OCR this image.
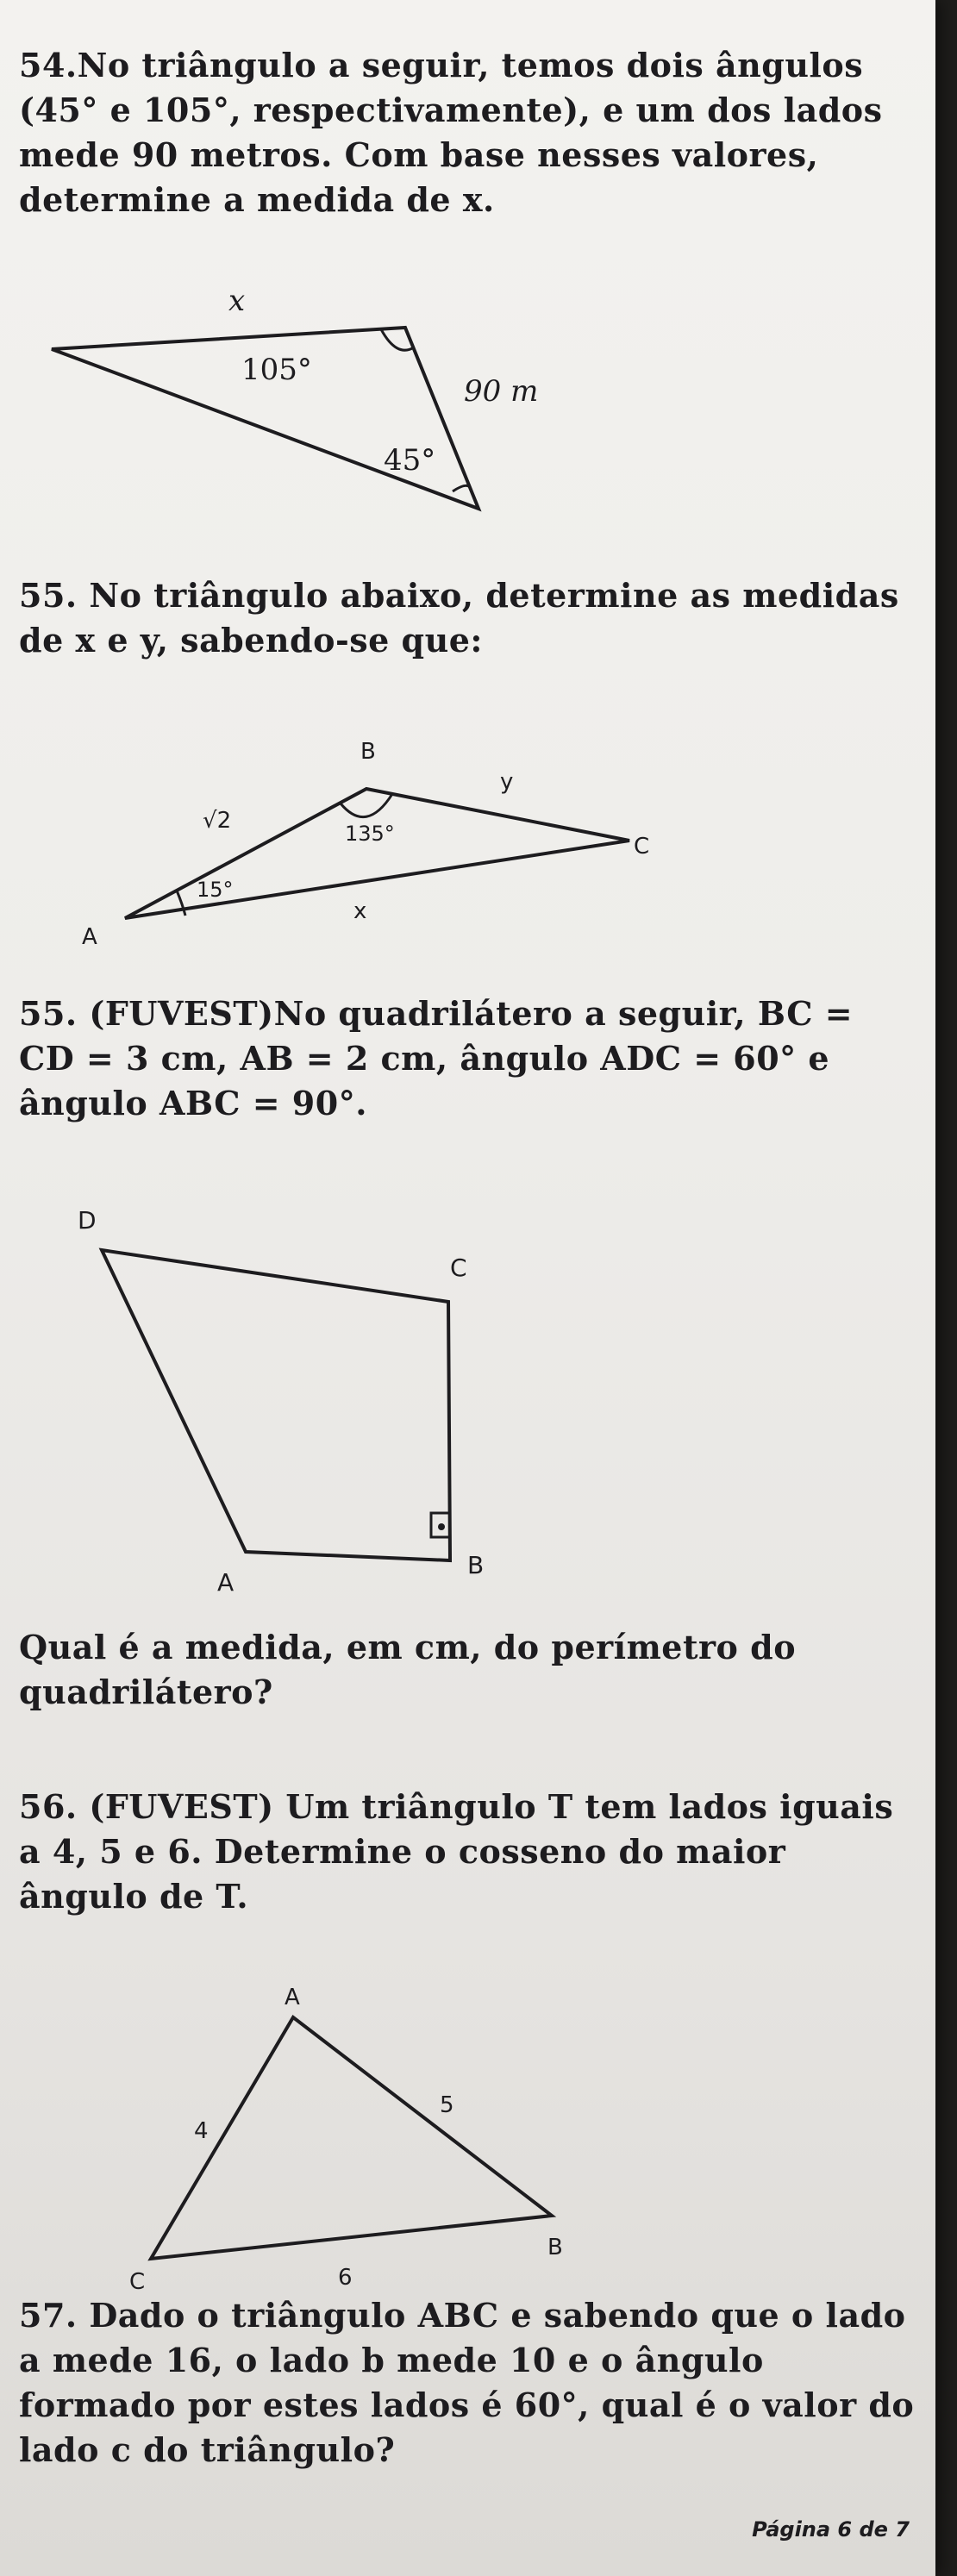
54.No triângulo a seguir, temos dois ângulos (45° e 105°, respectivamente), e um dos lados mede 90 metros. Com base nesses valores, determine a medida de x.
x
105°
90 m
45°
55. No triângulo abaixo, determine as medidas de x e y, sabendo-se que:
B
y
C
√2	135°
15°
x
A
55. (FUVEST)No quadrilátero a seguir, BC =
CD = 3 cm, AB = 2 cm, ângulo ADC = 60° e
ângulo ABC = 90°.
D
C
A
B
Qual é a medida, em cm, do perímetro do quadrilátero?
56. (FUVEST) Um triângulo T tem lados iguais a 4, 5 e 6. Determine o cosseno do maior ângulo de T.
A
4
5
B
C	6
57. Dado o triângulo ABC e sabendo que o lado a mede 16, o lado b mede 10 e o ângulo formado por estes lados é 60°, qual é o valor do lado c do triângulo?
Página 6 de 7
